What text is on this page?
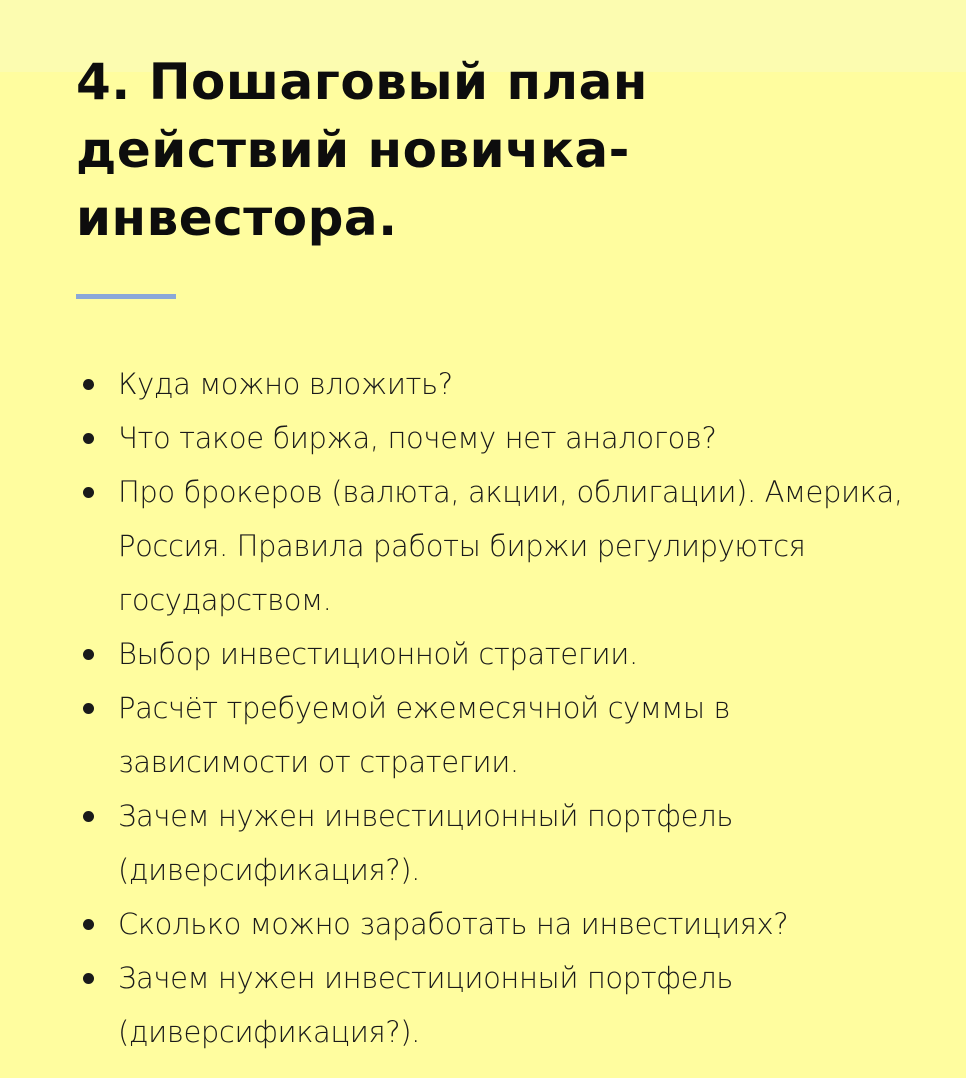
4. Пошаговый план действий новичка-инвестора.
Куда можно вложить?
Что такое биржа, почему нет аналогов?
Про брокеров (валюта, акции, облигации). Америка, Россия. Правила работы биржи регулируются государством.
Выбор инвестиционной стратегии.
Расчёт требуемой ежемесячной суммы в зависимости от стратегии.
Зачем нужен инвестиционный портфель (диверсификация?).
Сколько можно заработать на инвестициях?
Зачем нужен инвестиционный портфель (диверсификация?).
